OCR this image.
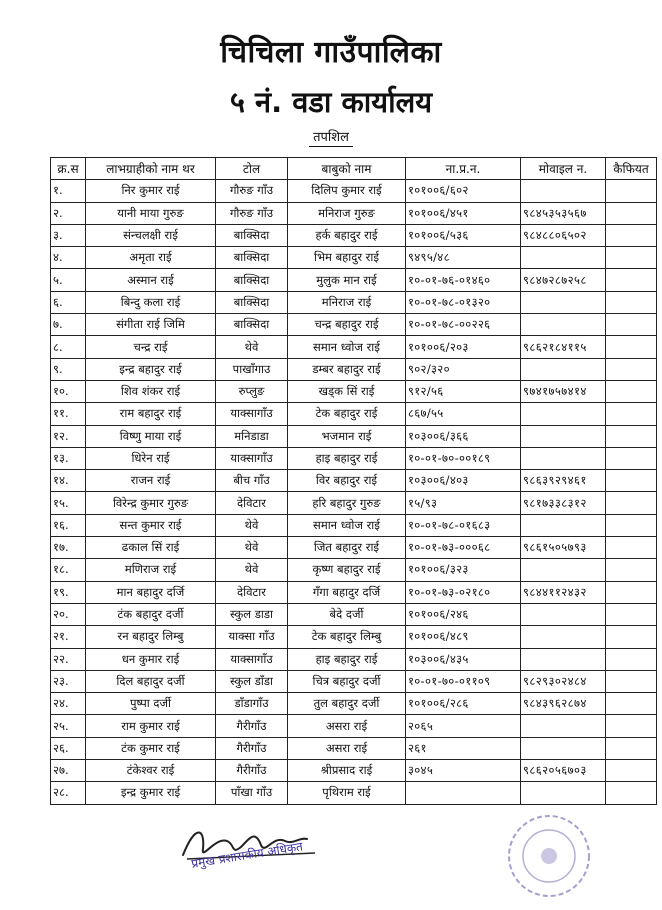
चिचिला गाउँपालिका
५ नं. वडा कार्यालय
तपशिल
क्र.स	लाभग्राहीको नाम थर	टोल	बाबुको नाम	ना.प्र.न.	मोवाइल न.	कैफियत
१.	निर कुमार राई	गौरुङ गाँउ	दिलिप कुमार राई	१०१००६/६०२		
२.	यानी माया गुरुङ	गौरुङ गाँउ	मनिराज गुरुङ	१०१००६/४५१	९८४५३५३५६७	
३.	संन्चलक्षी राई	बाक्सिदा	हर्क बहादुर राई	१०१००६/५३६	९८४८८०६५०२	
४.	अमृता राई	बाक्सिदा	भिम बहादुर राई	९४९५/४८		
५.	अस्मान राई	बाक्सिदा	मुलुक मान राई	१०-०१-७६-०१४६०	९८४७२८७२५८	
६.	बिन्दु कला राई	बाक्सिदा	मनिराज राई	१०-०१-७८-०१३२०		
७.	संगीता राई जिमि	बाक्सिदा	चन्द्र बहादुर राई	१०-०१-७८-००२२६		
८.	चन्द्र राई	थेवे	समान ध्वोज राई	१०१००६/२०३	९८६२१८४११५	
९.	इन्द्र बहादुर राई	पाखाँगाउ	डम्बर बहादुर राई	९०२/३२०		
१०.	शिव शंकर राई	रुप्लुङ	खड्क सिं राई	९१२/५६	९७४१७५७४१४	
११.	राम बहादुर राई	याक्सागाँउ	टेक बहादुर राई	८६७/५५		
१२.	विष्णु माया राई	मनिडाडा	भजमान राई	१०३००६/३६६		
१३.	धिरेन राई	याक्सागाँउ	हाइ बहादुर राई	१०-०१-७०-००१८९		
१४.	राजन राई	बीच गाँउ	विर बहादुर राई	१०३००६/४०३	९८६३९२९४६१	
१५.	विरेन्द्र कुमार गुरुङ	देविटार	हरि बहादुर गुरुङ	१५/९३	९८१७३३८३१२	
१६.	सन्त कुमार राई	थेवे	समान ध्वोज राई	१०-०१-७८-०१६८३		
१७.	ढकाल सिं राई	थेवे	जित बहादुर राई	१०-०१-७३-०००६८	९८६१५०५७९३	
१८.	मणिराज राई	थेवे	कृष्ण बहादुर राई	१०१००६/३२३		
१९.	मान बहादुर दर्जि	देविटार	गँगा बहादुर दर्जि	१०-०१-७३-०२१८०	९८४४११२४३२	
२०.	टंक बहादुर दर्जी	स्कुल डाडा	बेदे दर्जी	१०१००६/२४६		
२१.	रन बहादुर लिम्बु	याक्सा गाँउ	टेक बहादुर लिम्बु	१०१००६/४८९		
२२.	धन कुमार राई	याक्सागाँउ	हाइ बहादुर राई	१०३००६/४३५		
२३.	दिल बहादुर दर्जी	स्कुल डाँडा	चित्र बहादुर दर्जी	१०-०१-७०-०११०९	९८२९३०२४८४	
२४.	पुष्पा दर्जी	डाँडागाँउ	तुल बहादुर दर्जी	१०१००६/२८६	९८४३९६२८७४	
२५.	राम कुमार राई	गैरीगाँउ	असरा राई	२०६५		
२६.	टंक कुमार राई	गैरीगाँउ	असरा राई	२६१		
२७.	टंकेश्वर राई	गैरीगाँउ	श्रीप्रसाद राई	३०४५	९८६२०५६७०३	
२८.	इन्द्र कुमार राई	पाँखा गाँउ	पृथिराम राई			
प्रमुख प्रशासकीय अधिकृत
